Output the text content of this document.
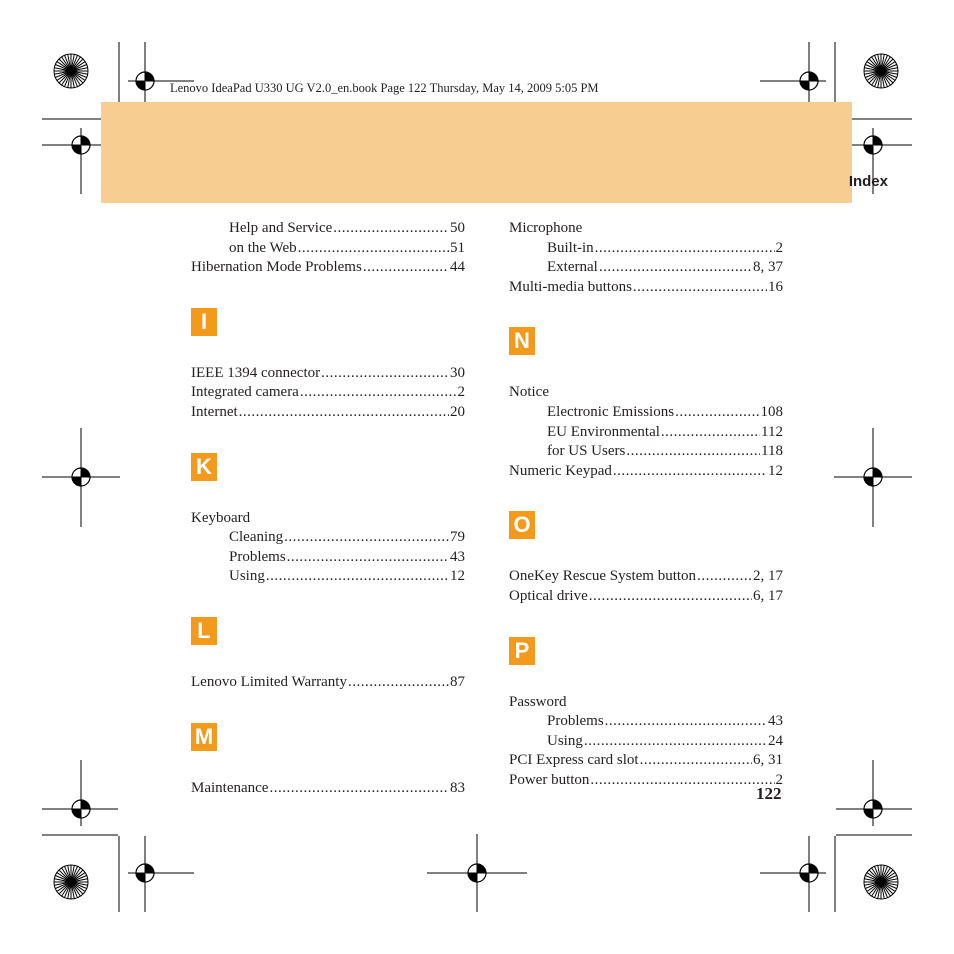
Lenovo IdeaPad U330 UG V2.0_en.book Page 122 Thursday, May 14, 2009 5:05 PM
Index
Help and Service .....	50
on the Web .....	51
Hibernation Mode Problems .....	44
I
IEEE 1394 connector .....	30
Integrated camera .....	2
Internet .....	20
K
Keyboard
Cleaning .....	79
Problems .....	43
Using .....	12
L
Lenovo Limited Warranty .....	87
M
Maintenance .....	83
Microphone
Built-in .....	2
External .....	8, 37
Multi-media buttons .....	16
N
Notice
Electronic Emissions .....	108
EU Environmental .....	112
for US Users .....	118
Numeric Keypad .....	12
O
OneKey Rescue System button .....	2, 17
Optical drive .....	6, 17
P
Password
Problems .....	43
Using .....	24
PCI Express card slot .....	6, 31
Power button .....	2
122
